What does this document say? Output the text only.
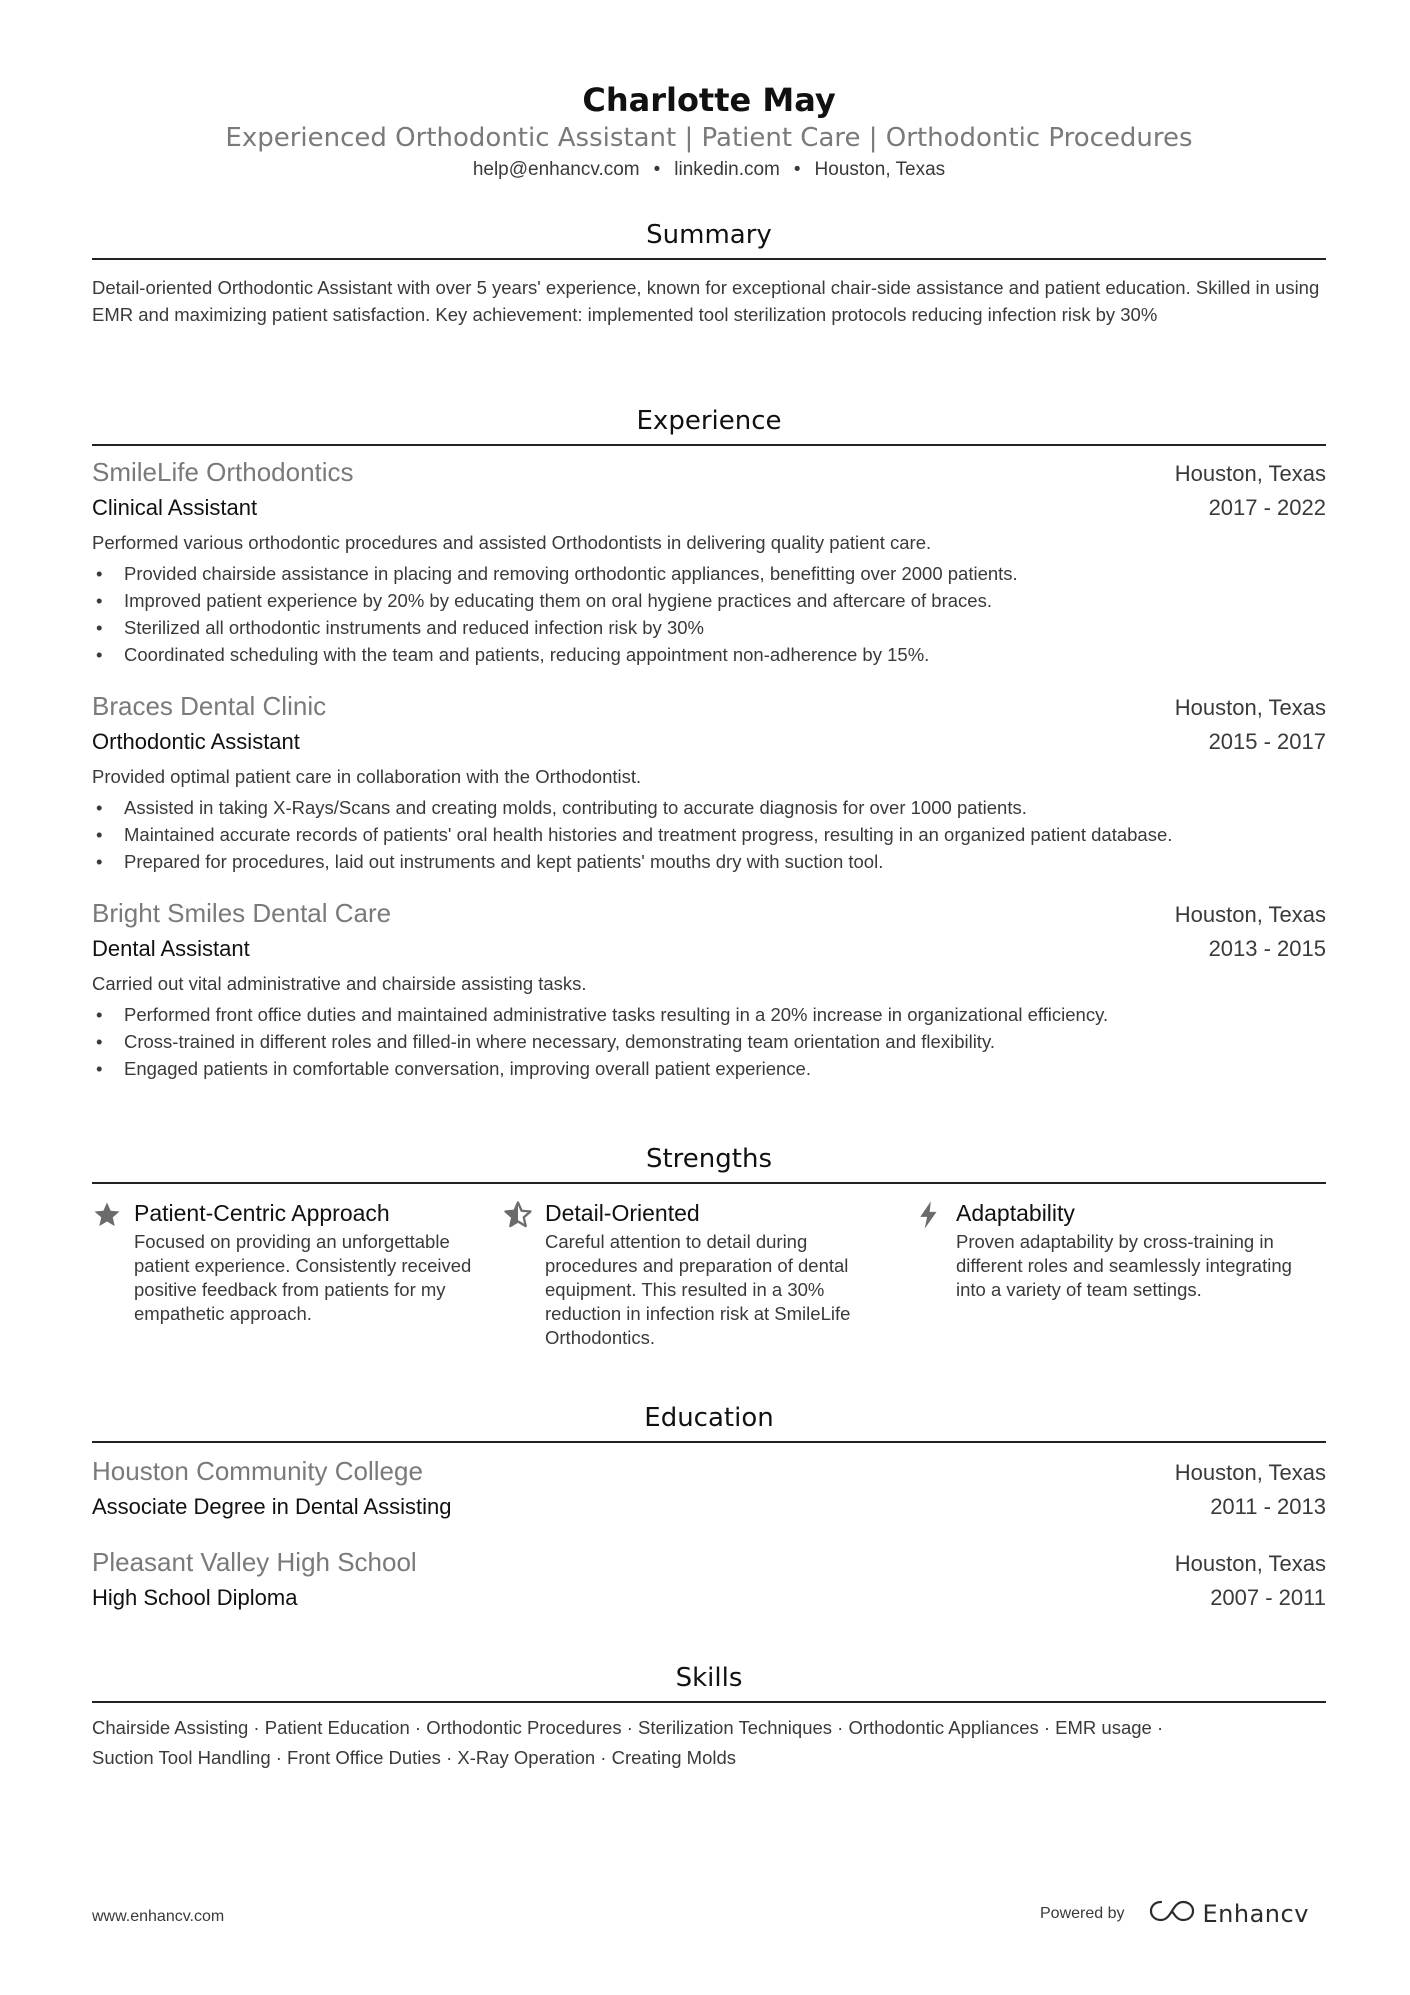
Charlotte May
Experienced Orthodontic Assistant | Patient Care | Orthodontic Procedures
help@enhancv.com • linkedin.com • Houston, Texas
Summary
Detail-oriented Orthodontic Assistant with over 5 years' experience, known for exceptional chair-side assistance and patient education. Skilled in using EMR and maximizing patient satisfaction. Key achievement: implemented tool sterilization protocols reducing infection risk by 30%
Experience
SmileLife Orthodontics	Houston, Texas
Clinical Assistant	2017 - 2022
Performed various orthodontic procedures and assisted Orthodontists in delivering quality patient care.
• Provided chairside assistance in placing and removing orthodontic appliances, benefitting over 2000 patients.
• Improved patient experience by 20% by educating them on oral hygiene practices and aftercare of braces.
• Sterilized all orthodontic instruments and reduced infection risk by 30%
• Coordinated scheduling with the team and patients, reducing appointment non-adherence by 15%.
Braces Dental Clinic	Houston, Texas
Orthodontic Assistant	2015 - 2017
Provided optimal patient care in collaboration with the Orthodontist.
• Assisted in taking X-Rays/Scans and creating molds, contributing to accurate diagnosis for over 1000 patients.
• Maintained accurate records of patients' oral health histories and treatment progress, resulting in an organized patient database.
• Prepared for procedures, laid out instruments and kept patients' mouths dry with suction tool.
Bright Smiles Dental Care	Houston, Texas
Dental Assistant	2013 - 2015
Carried out vital administrative and chairside assisting tasks.
• Performed front office duties and maintained administrative tasks resulting in a 20% increase in organizational efficiency.
• Cross-trained in different roles and filled-in where necessary, demonstrating team orientation and flexibility.
• Engaged patients in comfortable conversation, improving overall patient experience.
Strengths
Patient-Centric Approach
Focused on providing an unforgettable patient experience. Consistently received positive feedback from patients for my empathetic approach.
Detail-Oriented
Careful attention to detail during procedures and preparation of dental equipment. This resulted in a 30% reduction in infection risk at SmileLife Orthodontics.
Adaptability
Proven adaptability by cross-training in different roles and seamlessly integrating into a variety of team settings.
Education
Houston Community College	Houston, Texas
Associate Degree in Dental Assisting	2011 - 2013
Pleasant Valley High School	Houston, Texas
High School Diploma	2007 - 2011
Skills
Chairside Assisting · Patient Education · Orthodontic Procedures · Sterilization Techniques · Orthodontic Appliances · EMR usage ·
Suction Tool Handling · Front Office Duties · X-Ray Operation · Creating Molds
www.enhancv.com	Powered by	Enhancv
